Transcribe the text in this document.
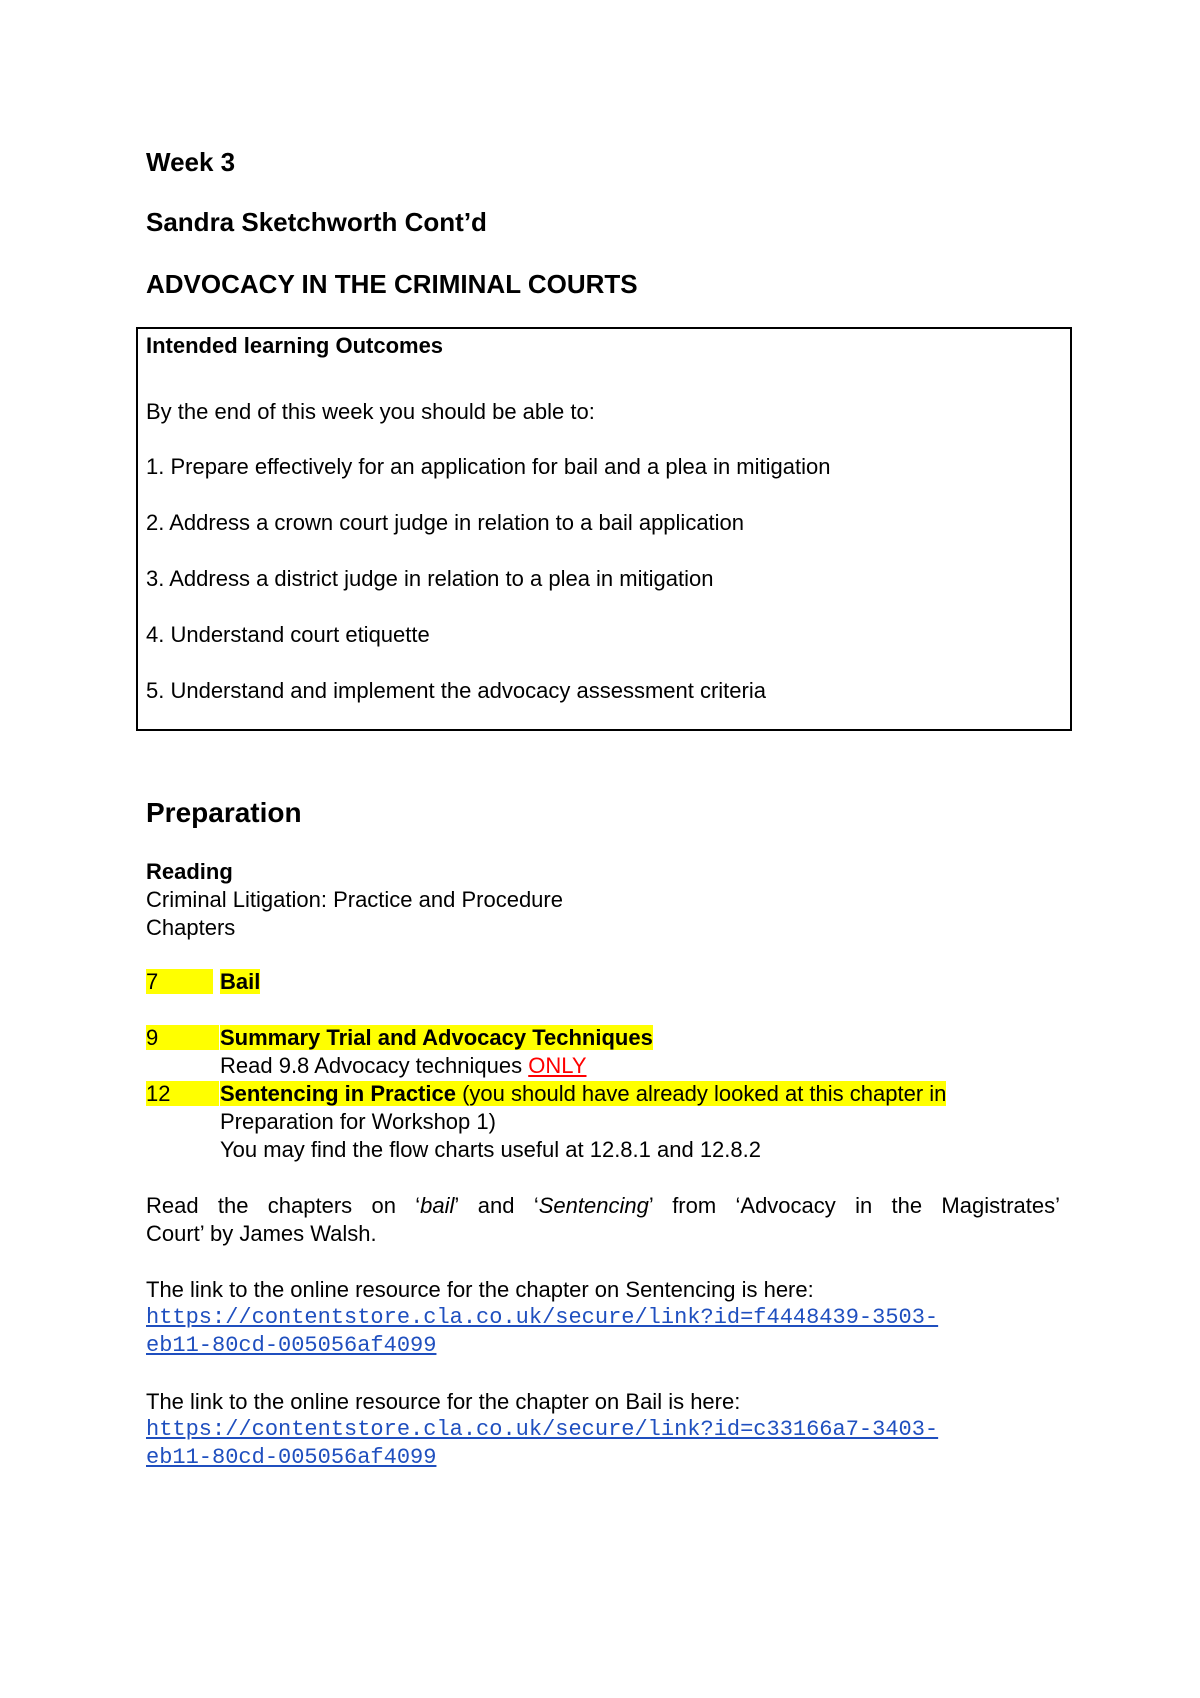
Week 3
Sandra Sketchworth Cont’d
ADVOCACY IN THE CRIMINAL COURTS
Intended learning Outcomes
By the end of this week you should be able to:
1. Prepare effectively for an application for bail and a plea in mitigation
2. Address a crown court judge in relation to a bail application
3. Address a district judge in relation to a plea in mitigation
4. Understand court etiquette
5. Understand and implement the advocacy assessment criteria
Preparation
Reading
Criminal Litigation: Practice and Procedure
Chapters
7	Bail
9	Summary Trial and Advocacy Techniques
Read 9.8 Advocacy techniques ONLY
12	Sentencing in Practice (you should have already looked at this chapter in
Preparation for Workshop 1)
You may find the flow charts useful at 12.8.1 and 12.8.2
Read the chapters on ‘bail’ and ‘Sentencing’ from ‘Advocacy in the Magistrates’
Court’ by James Walsh.
The link to the online resource for the chapter on Sentencing is here:
https://contentstore.cla.co.uk/secure/link?id=f4448439-3503-
eb11-80cd-005056af4099
The link to the online resource for the chapter on Bail is here:
https://contentstore.cla.co.uk/secure/link?id=c33166a7-3403-
eb11-80cd-005056af4099
